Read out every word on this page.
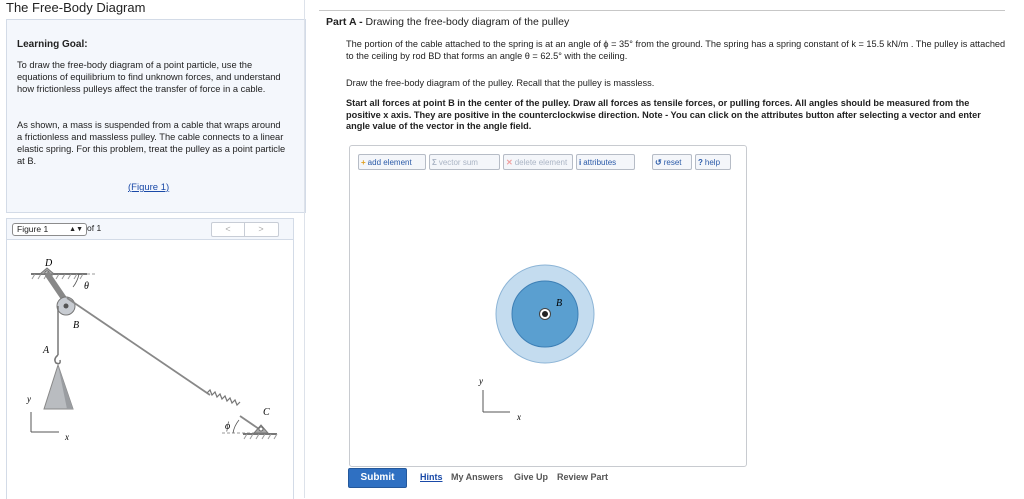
The Free-Body Diagram
Learning Goal:
To draw the free-body diagram of a point particle, use the equations of equilibrium to find unknown forces, and understand how frictionless pulleys affect the transfer of force in a cable.
As shown, a mass is suspended from a cable that wraps around a frictionless and massless pulley. The cable connects to a linear elastic spring. For this problem, treat the pulley as a point particle at B.
(Figure 1)
Figure 1	▲▼ of 1	<	>
D
θ
B
A
C
ϕ
y
x
Part A - Drawing the free-body diagram of the pulley
The portion of the cable attached to the spring is at an angle of ϕ = 35° from the ground. The spring has a spring constant of k = 15.5 kN/m . The pulley is attached to the ceiling by rod BD that forms an angle θ = 62.5° with the ceiling.
Draw the free-body diagram of the pulley. Recall that the pulley is massless.
Start all forces at point B in the center of the pulley. Draw all forces as tensile forces, or pulling forces. All angles should be measured from the positive x axis. They are positive in the counterclockwise direction. Note - You can click on the attributes button after selecting a vector and enter angle value of the vector in the angle field.
+ add element	Σ vector sum	✕ delete element	i attributes	↺ reset	? help
B
y
x
Submit	Hints My Answers Give Up Review Part
